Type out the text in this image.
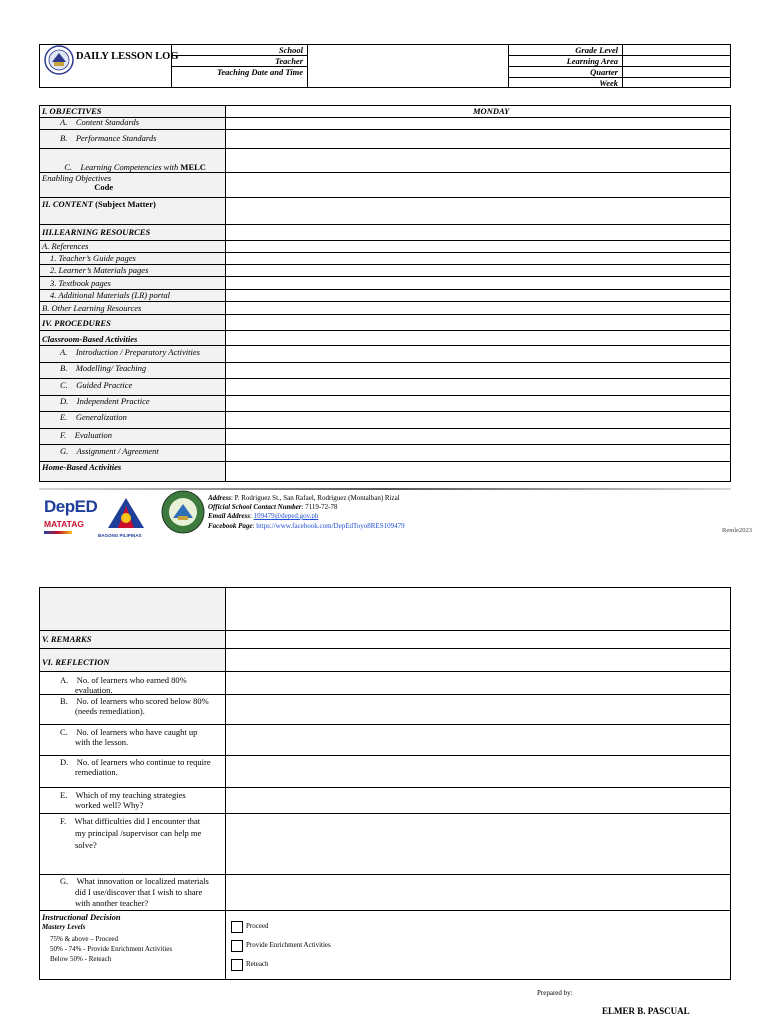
DAILY LESSON LOG
School
Teacher
Teaching Date and Time
Grade Level
Learning Area
Quarter
Week
I. OBJECTIVES	MONDAY
A.    Content Standards
B.    Performance Standards

C.    Learning Competencies with MELC

Code

Enabling Objectives
II. CONTENT (Subject Matter)
III.LEARNING RESOURCES
A. References
1. Teacher’s Guide pages
2. Learner’s Materials pages
3. Textbook pages
4. Additional Materials (LR) portal
B. Other Learning Resources
IV. PROCEDURES
Classroom-Based Activities
A.    Introduction / Preparatory Activities
B.    Modelling/ Teaching
C.    Guided Practice
D.    Independent Practice
E.    Generalization
F.    Evaluation
G.    Assignment / Agreement
Home-Based Activities
DepED
MATATAG
BAGONG PILIPINAS
Address: P. Rodriguez St., San Rafael, Rodriguez (Montalban) Rizal
Official School Contact Number: 7119-72-78
Email Address: 109479@deped.gov.ph
Facebook Page: https://www.facebook.com/DepEdToyo8RES109479
Remle2023
V. REMARKS
VI. REFLECTION
A.    No. of learners who earned 80%
evaluation.
B.    No. of learners who scored below 80%
(needs remediation).
C.    No. of learners who have caught up
with the lesson.
D.    No. of learners who continue to require
remediation.
E.    Which of my teaching strategies
worked well? Why?
F.    What difficulties did I encounter that
my principal /supervisor can help me
solve?
G.    What innovation or localized materials
did I use/discover that I wish to share
with another teacher?
Instructional Decision
Mastery Levels
75% & above – Proceed
50% - 74% - Provide Enrichment Activities
Below 50% - Reteach
Proceed
Provide Enrichment Activities
Reteach
Prepared by:
ELMER B. PASCUAL
